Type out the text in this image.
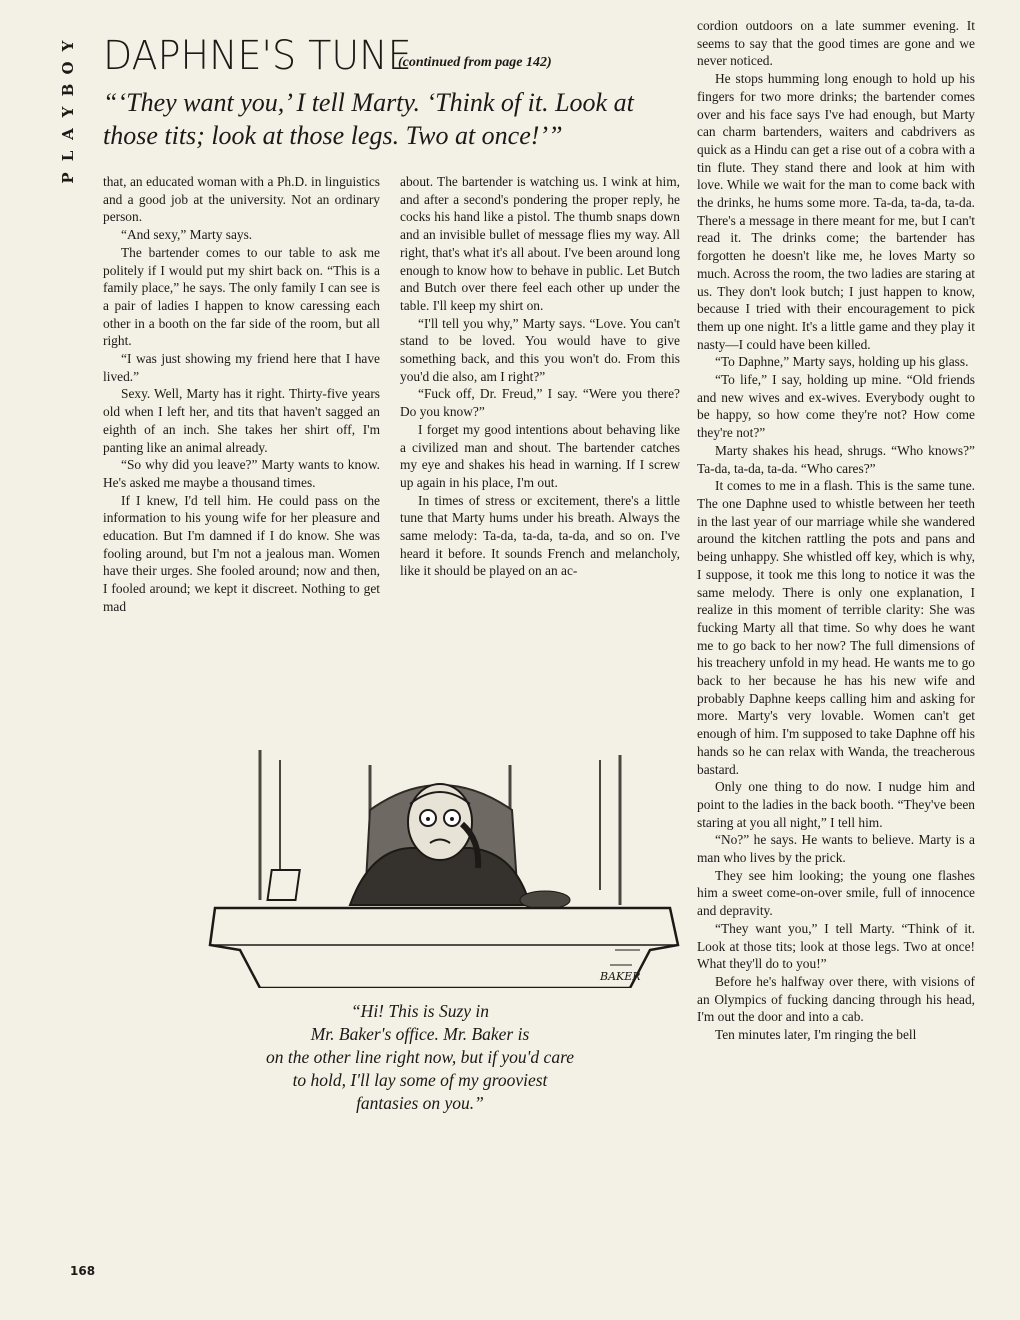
Y
O
B
Y
A
L
P
DAPHNE'S TUNE
(continued from page 142)
“‘They want you,’ I tell Marty. ‘Think of it. Look at those tits; look at those legs. Two at once!’”

that, an educated woman with a Ph.D. in linguistics and a good job at the university. Not an ordinary person.

“And sexy,” Marty says.

The bartender comes to our table to ask me politely if I would put my shirt back on. “This is a family place,” he says. The only family I can see is a pair of ladies I happen to know caressing each other in a booth on the far side of the room, but all right.

“I was just showing my friend here that I have lived.”

Sexy. Well, Marty has it right. Thirty-five years old when I left her, and tits that haven't sagged an eighth of an inch. She takes her shirt off, I'm panting like an animal already.

“So why did you leave?” Marty wants to know. He's asked me maybe a thousand times.

If I knew, I'd tell him. He could pass on the information to his young wife for her pleasure and education. But I'm damned if I do know. She was fooling around, but I'm not a jealous man. Women have their urges. She fooled around; now and then, I fooled around; we kept it discreet. Nothing to get mad

about. The bartender is watching us. I wink at him, and after a second's pondering the proper reply, he cocks his hand like a pistol. The thumb snaps down and an invisible bullet of message flies my way. All right, that's what it's all about. I've been around long enough to know how to behave in public. Let Butch and Butch over there feel each other up under the table. I'll keep my shirt on.

“I'll tell you why,” Marty says. “Love. You can't stand to be loved. You would have to give something back, and this you won't do. From this you'd die also, am I right?”

“Fuck off, Dr. Freud,” I say. “Were you there? Do you know?”

I forget my good intentions about behaving like a civilized man and shout. The bartender catches my eye and shakes his head in warning. If I screw up again in his place, I'm out.

In times of stress or excitement, there's a little tune that Marty hums under his breath. Always the same melody: Ta-da, ta-da, ta-da, and so on. I've heard it before. It sounds French and melancholy, like it should be played on an ac-

cordion outdoors on a late summer evening. It seems to say that the good times are gone and we never noticed.

He stops humming long enough to hold up his fingers for two more drinks; the bartender comes over and his face says I've had enough, but Marty can charm bartenders, waiters and cabdrivers as quick as a Hindu can get a rise out of a cobra with a tin flute. They stand there and look at him with love. While we wait for the man to come back with the drinks, he hums some more. Ta-da, ta-da, ta-da. There's a message in there meant for me, but I can't read it. The drinks come; the bartender has forgotten he doesn't like me, he loves Marty so much. Across the room, the two ladies are staring at us. They don't look butch; I just happen to know, because I tried with their encouragement to pick them up one night. It's a little game and they play it nasty—I could have been killed.

“To Daphne,” Marty says, holding up his glass.

“To life,” I say, holding up mine. “Old friends and new wives and ex-wives. Everybody ought to be happy, so how come they're not? How come they're not?”

Marty shakes his head, shrugs. “Who knows?” Ta-da, ta-da, ta-da. “Who cares?”

It comes to me in a flash. This is the same tune. The one Daphne used to whistle between her teeth in the last year of our marriage while she wandered around the kitchen rattling the pots and pans and being unhappy. She whistled off key, which is why, I suppose, it took me this long to notice it was the same melody. There is only one explanation, I realize in this moment of terrible clarity: She was fucking Marty all that time. So why does he want me to go back to her now? The full dimensions of his treachery unfold in my head. He wants me to go back to her because he has his new wife and probably Daphne keeps calling him and asking for more. Marty's very lovable. Women can't get enough of him. I'm supposed to take Daphne off his hands so he can relax with Wanda, the treacherous bastard.

Only one thing to do now. I nudge him and point to the ladies in the back booth. “They've been staring at you all night,” I tell him.

“No?” he says. He wants to believe. Marty is a man who lives by the prick.

They see him looking; the young one flashes him a sweet come-on-over smile, full of innocence and depravity.

“They want you,” I tell Marty. “Think of it. Look at those tits; look at those legs. Two at once! What they'll do to you!”

Before he's halfway over there, with visions of an Olympics of fucking dancing through his head, I'm out the door and into a cab.

Ten minutes later, I'm ringing the bell

BAKER
“Hi! This is Suzy in
Mr. Baker's office. Mr. Baker is
on the other line right now, but if you'd care
to hold, I'll lay some of my grooviest
fantasies on you.”
168
